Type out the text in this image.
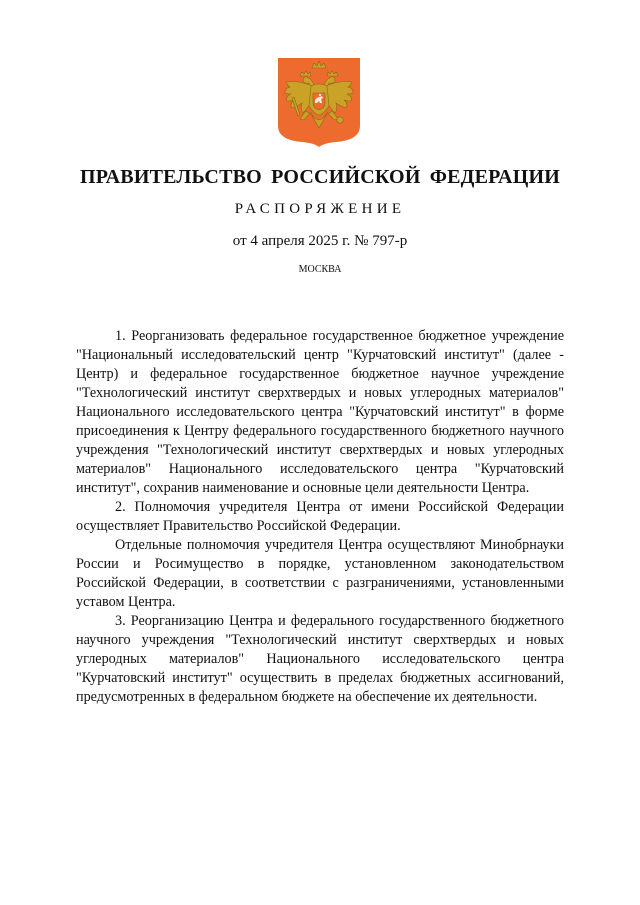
ПРАВИТЕЛЬСТВО РОССИЙСКОЙ ФЕДЕРАЦИИ
РАСПОРЯЖЕНИЕ
от 4 апреля 2025 г. № 797-р
МОСКВА

1. Реорганизовать федеральное государственное бюджетное учреждение "Национальный исследовательский центр "Курчатовский институт" (далее - Центр) и федеральное государственное бюджетное научное учреждение "Технологический институт сверхтвердых и новых углеродных материалов" Национального исследовательского центра "Курчатовский институт" в форме присоединения к Центру федерального государственного бюджетного научного учреждения "Технологический институт сверхтвердых и новых углеродных материалов" Национального исследовательского центра "Курчатовский институт", сохранив наименование и основные цели деятельности Центра.

2. Полномочия учредителя Центра от имени Российской Федерации осуществляет Правительство Российской Федерации.

Отдельные полномочия учредителя Центра осуществляют Минобрнауки России и Росимущество в порядке, установленном законодательством Российской Федерации, в соответствии с разграничениями, установленными уставом Центра.

3. Реорганизацию Центра и федерального государственного бюджетного научного учреждения "Технологический институт сверхтвердых и новых углеродных материалов" Национального исследовательского центра "Курчатовский институт" осуществить в пределах бюджетных ассигнований, предусмотренных в федеральном бюджете на обеспечение их деятельности.
